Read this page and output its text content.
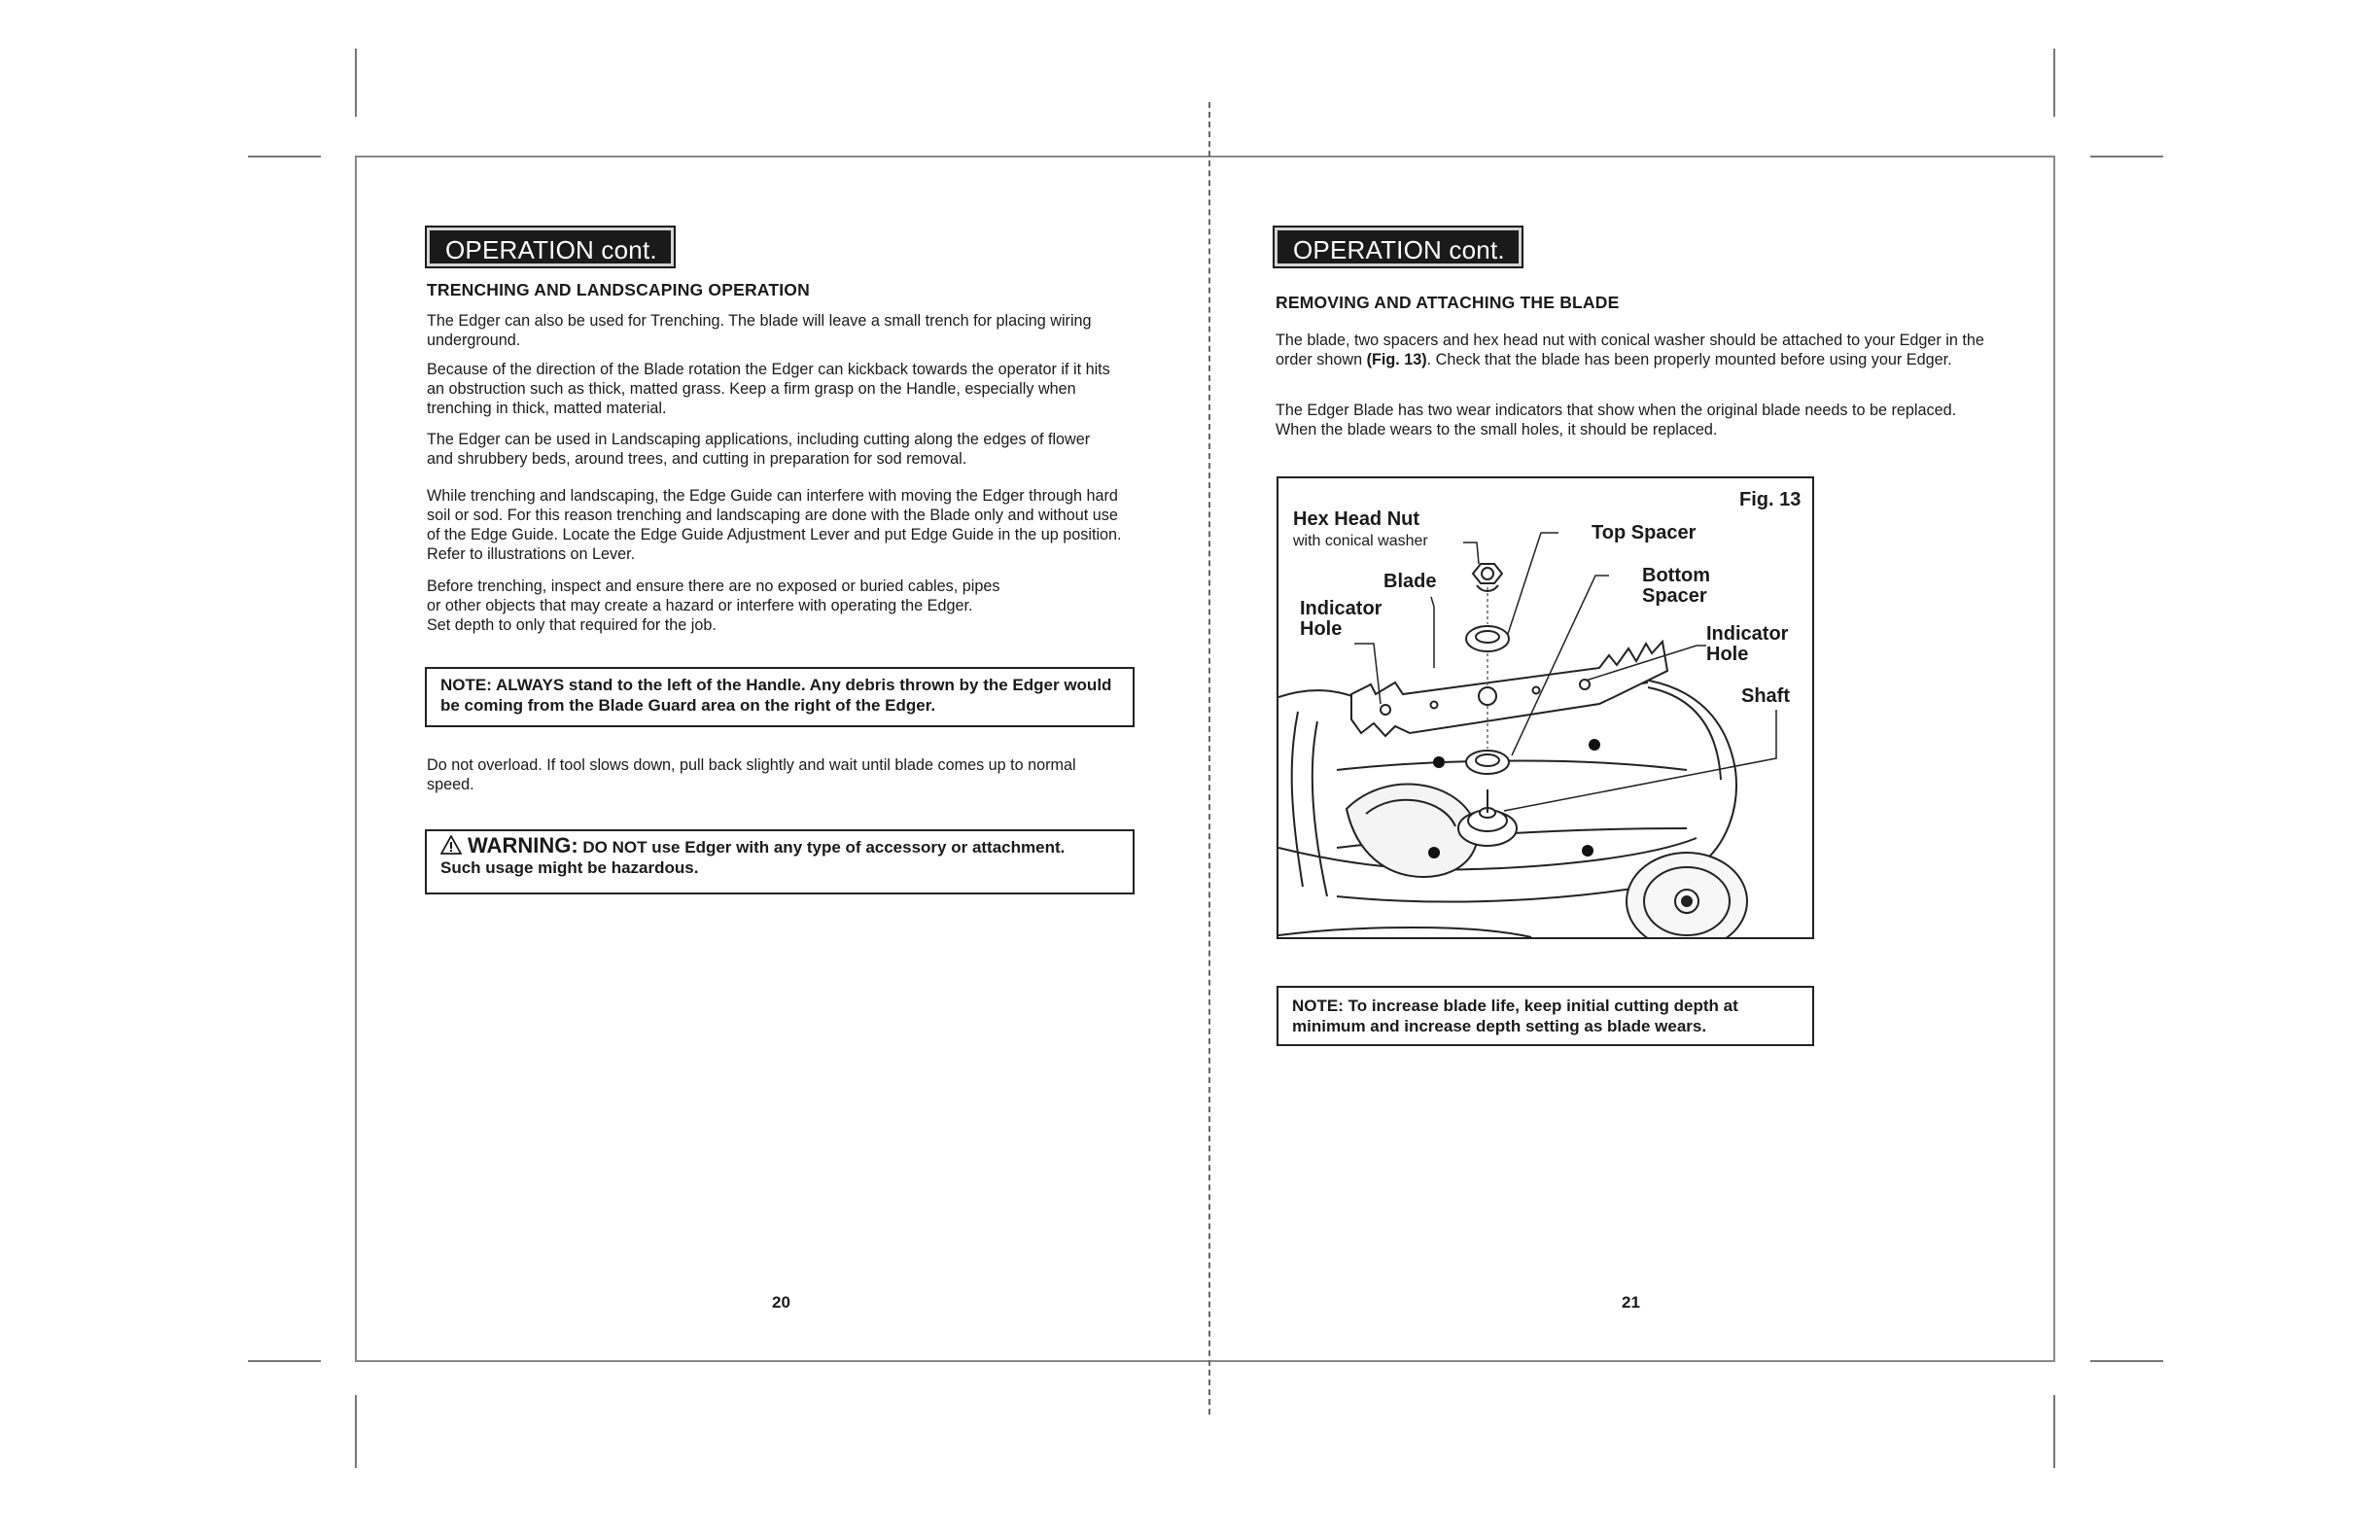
OPERATION cont.
TRENCHING AND LANDSCAPING OPERATION

The Edger can also be used for Trenching. The blade will leave a small trench for placing wiring underground.

Because of the direction of the Blade rotation the Edger can kickback towards the operator if it hits an obstruction such as thick, matted grass. Keep a firm grasp on the Handle, especially when trenching in thick, matted material.

The Edger can be used in Landscaping applications, including cutting along the edges of flower and shrubbery beds, around trees, and cutting in preparation for sod removal.

While trenching and landscaping, the Edge Guide can interfere with moving the Edger through hard soil or sod. For this reason trenching and landscaping are done with the Blade only and without use of the Edge Guide. Locate the Edge Guide Adjustment Lever and put Edge Guide in the up position. Refer to illustrations on Lever.

Before trenching, inspect and ensure there are no exposed or buried cables, pipes
or other objects that may create a hazard or interfere with operating the Edger.
Set depth to only that required for the job.
NOTE: ALWAYS stand to the left of the Handle. Any debris thrown by the Edger would be coming from the Blade Guard area on the right of the Edger.

Do not overload. If tool slows down, pull back slightly and wait until blade comes up to normal speed.

WARNING: DO NOT use Edger with any type of accessory or attachment.
Such usage might be hazardous.
20
OPERATION cont.
REMOVING AND ATTACHING THE BLADE

The blade, two spacers and hex head nut with conical washer should be attached to your Edger in the order shown (Fig. 13). Check that the blade has been properly mounted before using your Edger.

The Edger Blade has two wear indicators that show when the original blade needs to be replaced. When the blade wears to the small holes, it should be replaced.

Fig. 13
Hex Head Nut
with conical washer	Top Spacer
Blade	Bottom
Spacer
Indicator
Hole	Indicator
Hole
Shaft
NOTE: To increase blade life, keep initial cutting depth at minimum and increase depth setting as blade wears.
21
